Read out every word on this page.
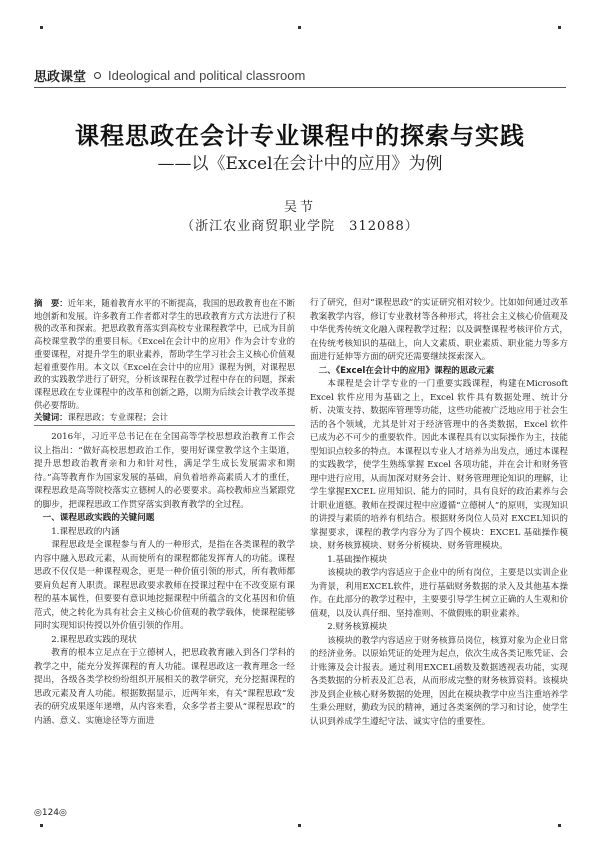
思政课堂 Ideological and political classroom
课程思政在会计专业课程中的探索与实践
——以《Excel在会计中的应用》为例
吴节
（浙江农业商贸职业学院　312088）

摘　要：近年来，随着教育水平的不断提高，我国的思政教育也在不断地创新和发展。许多教育工作者都对学生的思政教育方式方法进行了积极的改革和探索。把思政教育落实到高校专业课程教学中，已成为目前高校课堂教学的重要目标。《Excel在会计中的应用》作为会计专业的重要课程，对提升学生的职业素养，帮助学生学习社会主义核心价值观起着重要作用。本文以《Excel在会计中的应用》课程为例，对课程思政的实践教学进行了研究，分析该课程在教学过程中存在的问题，探索课程思政在专业课程中的改革和创新之路，以期为后续会计教学改革提供必要帮助。

关键词：课程思政；专业课程；会计

2016年，习近平总书记在在全国高等学校思想政治教育工作会议上指出：“做好高校思想政治工作，要用好课堂教学这个主渠道，提升思想政治教育亲和力和针对性，满足学生成长发展需求和期待。”高等教育作为国家发展的基础，肩负着培养高素质人才的重任，课程思政是高等院校落实立德树人的必要要求。高校教师应当紧跟党的脚步，把课程思政工作贯穿落实到教育教学的全过程。

一、课程思政实践的关键问题

1.课程思政的内涵

课程思政是全课程参与育人的一种形式，是指在各类课程的教学内容中融入思政元素，从而使所有的课程都能发挥育人的功能。课程思政不仅仅是一种课程观念，更是一种价值引领的形式，所有教师都要肩负起育人职责。课程思政要求教师在授课过程中在不改变原有课程的基本属性，但要要有意识地挖掘课程中所蕴含的文化基因和价值范式，使之转化为具有社会主义核心价值观的教学载体，使课程能够同时实现知识传授以外价值引领的作用。

2.课程思政实践的现状

教育的根本立足点在于立德树人，把思政教育融入到各门学科的教学之中，能充分发挥课程的育人功能。课程思政这一教育理念一经提出，各级各类学校纷纷组织开展相关的教学研究，充分挖掘课程的思政元素及育人功能。根据数据显示，近两年来，有关“课程思政”发表的研究成果逐年递增，从内容来看，众多学者主要从“课程思政”的内涵、意义、实施途径等方面进

行了研究，但对“课程思政”的实证研究相对较少。比如如何通过改革教案教学内容，修订专业教材等各种形式，将社会主义核心价值观及中华优秀传统文化融入课程教学过程；以及调整课程考核评价方式，在传统考核知识的基础上，向人文素质、职业素质、职业能力等多方面进行延伸等方面的研究还需要继续探索深入。

二、《Excel在会计中的应用》课程的思政元素

本课程是会计学专业的一门重要实践课程，构建在Microsoft Excel 软件应用为基础之上，Excel 软件具有数据处理、统计分析、决策支持、数据库管理等功能，这些功能被广泛地应用于社会生活的各个领域，尤其是针对于经济管理中的各类数据，Excel 软件已成为必不可少的重要软件。因此本课程具有以实际操作为主，技能型知识点较多的特点。本课程以专业人才培养为出发点，通过本课程的实践教学，使学生熟练掌握 Excel 各项功能，并在会计和财务管理中进行应用，从而加深对财务会计、财务管理理论知识的理解，让学生掌握EXCEL 应用知识、能力的同时，具有良好的政治素养与会计职业道德。教师在授课过程中应遵循“立德树人”的原则，实现知识的讲授与素质的培养有机结合。根据财务岗位人员对 EXCEL知识的掌握要求，课程的教学内容分为了四个模块：EXCEL 基础操作模块、财务核算模块、财务分析模块、财务管理模块。

1.基础操作模块

该模块的教学内容适应于企业中的所有岗位，主要是以实训企业为背景，利用EXCEL软件，进行基础财务数据的录入及其他基本操作。在此部分的教学过程中，主要要引导学生树立正确的人生观和价值观，以及认真仔细、坚持准则、不做假账的职业素养。

2.财务核算模块

该模块的教学内容适应于财务核算员岗位，核算对象为企业日常的经济业务。以原始凭证的处理为起点，依次生成各类记账凭证、会计账簿及会计报表。通过利用EXCEL函数及数据透视表功能，实现各类数据的分析表及汇总表，从而形成完整的财务核算资料。该模块涉及到企业核心财务数据的处理，因此在模块教学中应当注重培养学生秉公理财，勤政为民的精神，通过各类案例的学习和讨论，使学生认识到养成学生遵纪守法、诚实守信的重要性。

◎124◎
